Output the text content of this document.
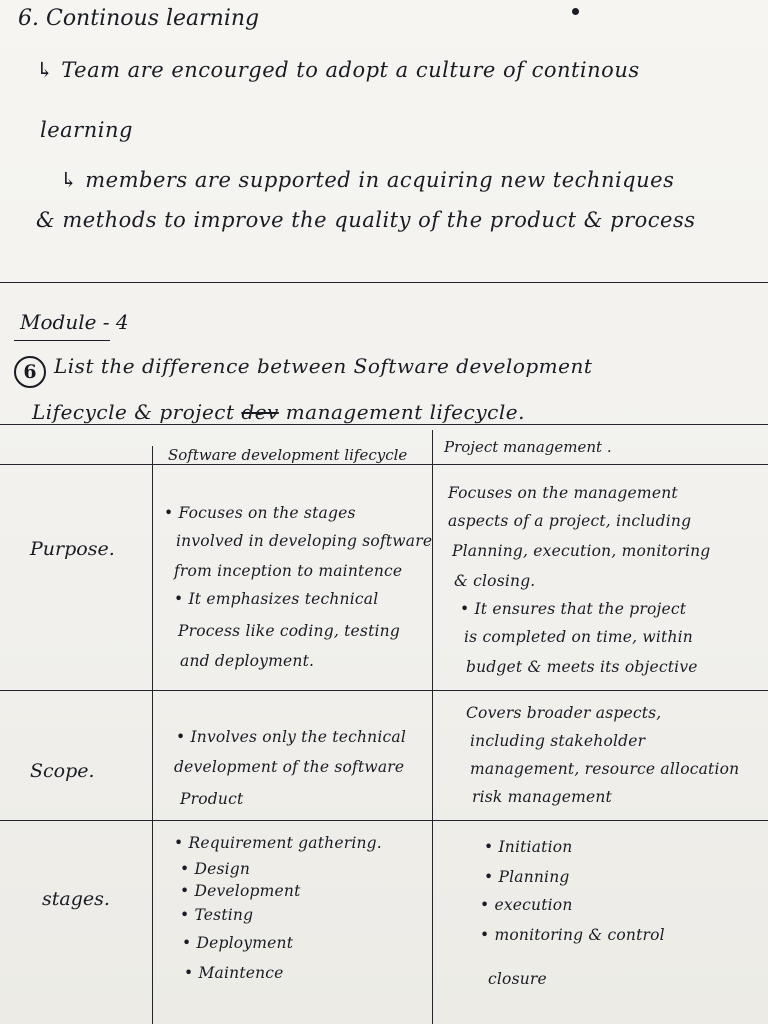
6. Continous learning
↳ Team are encourged to adopt a culture of continous
learning
↳ members are supported in acquiring new techniques
& methods to improve the quality of the product & process
Module - 4
6 List the difference between Software development
Lifecycle & project dev management lifecycle.
Software development lifecycle Project management .
Purpose.
• Focuses on the stages
involved in developing software
from inception to maintence
• It emphasizes technical
Process like coding, testing
and deployment.
Focuses on the management
aspects of a project, including
Planning, execution, monitoring
& closing.
• It ensures that the project
is completed on time, within
budget & meets its objective
Scope.
• Involves only the technical
development of the software
Product
Covers broader aspects,
including stakeholder
management, resource allocation
risk management
stages.
• Requirement gathering.
• Design
• Development
• Testing
• Deployment
• Maintence
• Initiation
• Planning
• execution
• monitoring & control
closure
